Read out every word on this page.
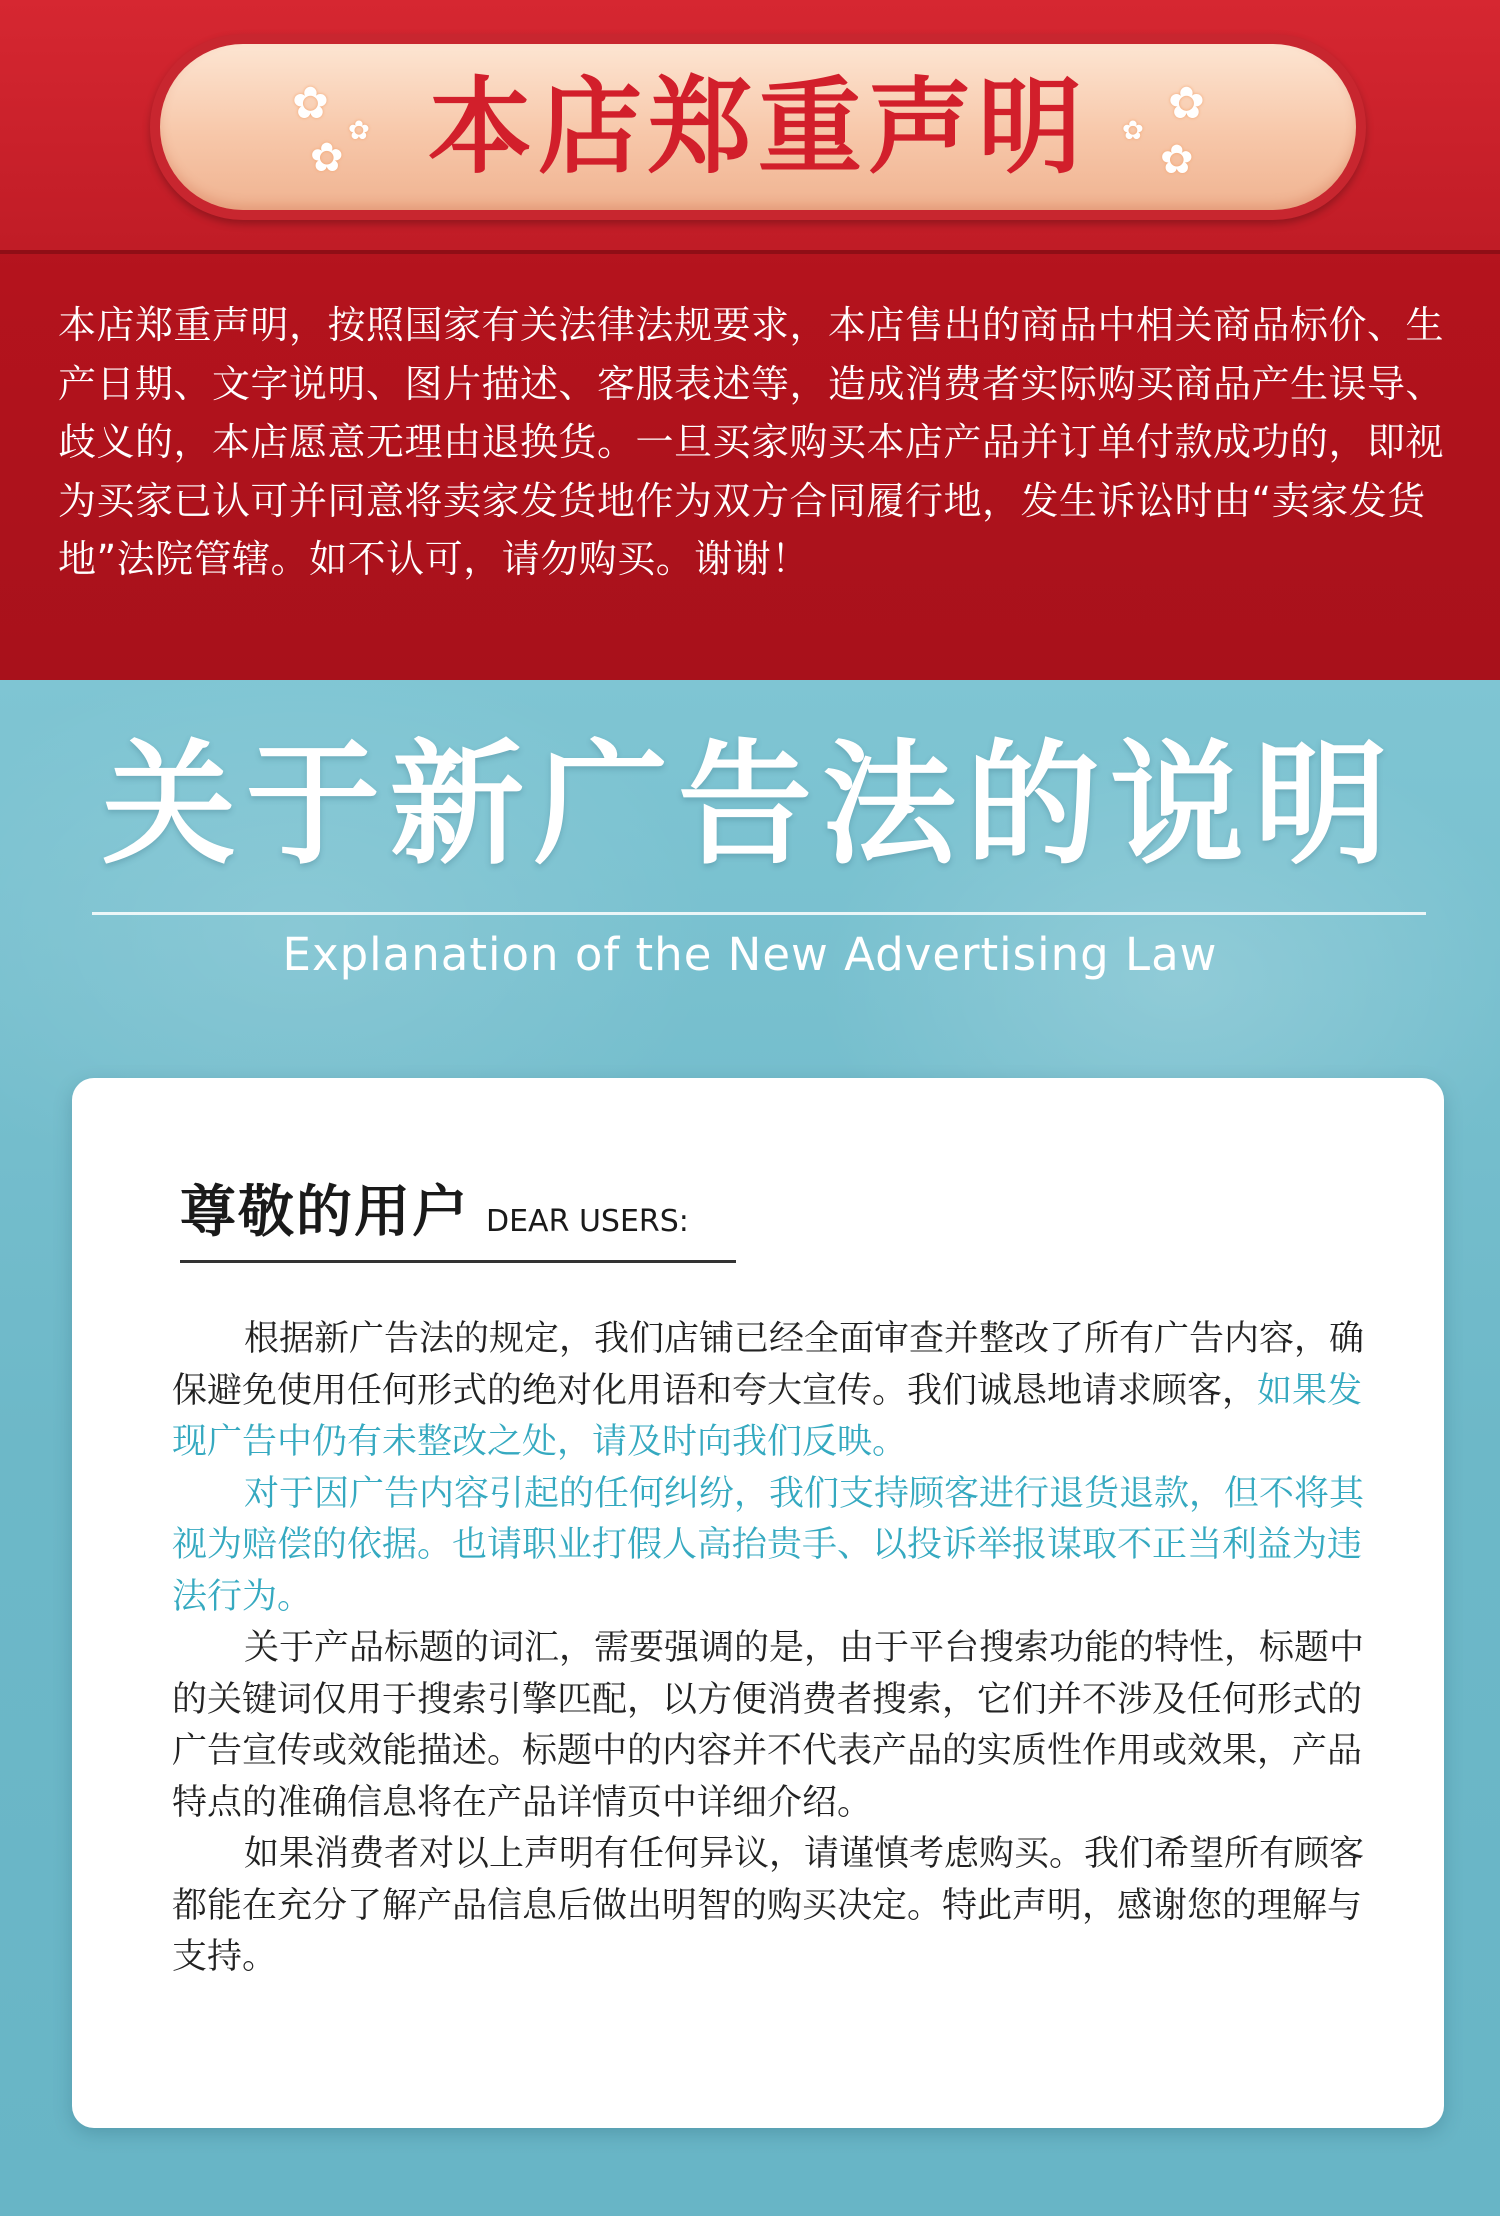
✿
✿
✿ 本店郑重声明 ✿
✿
✿
本店郑重声明，按照国家有关法律法规要求，本店售出的商品中相关商品标价、生产日期、文字说明、图片描述、客服表述等，造成消费者实际购买商品产生误导、歧义的，本店愿意无理由退换货。一旦买家购买本店产品并订单付款成功的，即视为买家已认可并同意将卖家发货地作为双方合同履行地，发生诉讼时由“卖家发货地”法院管辖。如不认可，请勿购买。谢谢！
关于新广告法的说明
Explanation of the New Advertising Law
尊敬的用户 DEAR USERS:

根据新广告法的规定，我们店铺已经全面审查并整改了所有广告内容，确保避免使用任何形式的绝对化用语和夸大宣传。我们诚恳地请求顾客，如果发现广告中仍有未整改之处，请及时向我们反映。

对于因广告内容引起的任何纠纷，我们支持顾客进行退货退款，但不将其视为赔偿的依据。也请职业打假人高抬贵手、以投诉举报谋取不正当利益为违法行为。

关于产品标题的词汇，需要强调的是，由于平台搜索功能的特性，标题中的关键词仅用于搜索引擎匹配，以方便消费者搜索，它们并不涉及任何形式的广告宣传或效能描述。标题中的内容并不代表产品的实质性作用或效果，产品特点的准确信息将在产品详情页中详细介绍。

如果消费者对以上声明有任何异议，请谨慎考虑购买。我们希望所有顾客都能在充分了解产品信息后做出明智的购买决定。特此声明，感谢您的理解与支持。
